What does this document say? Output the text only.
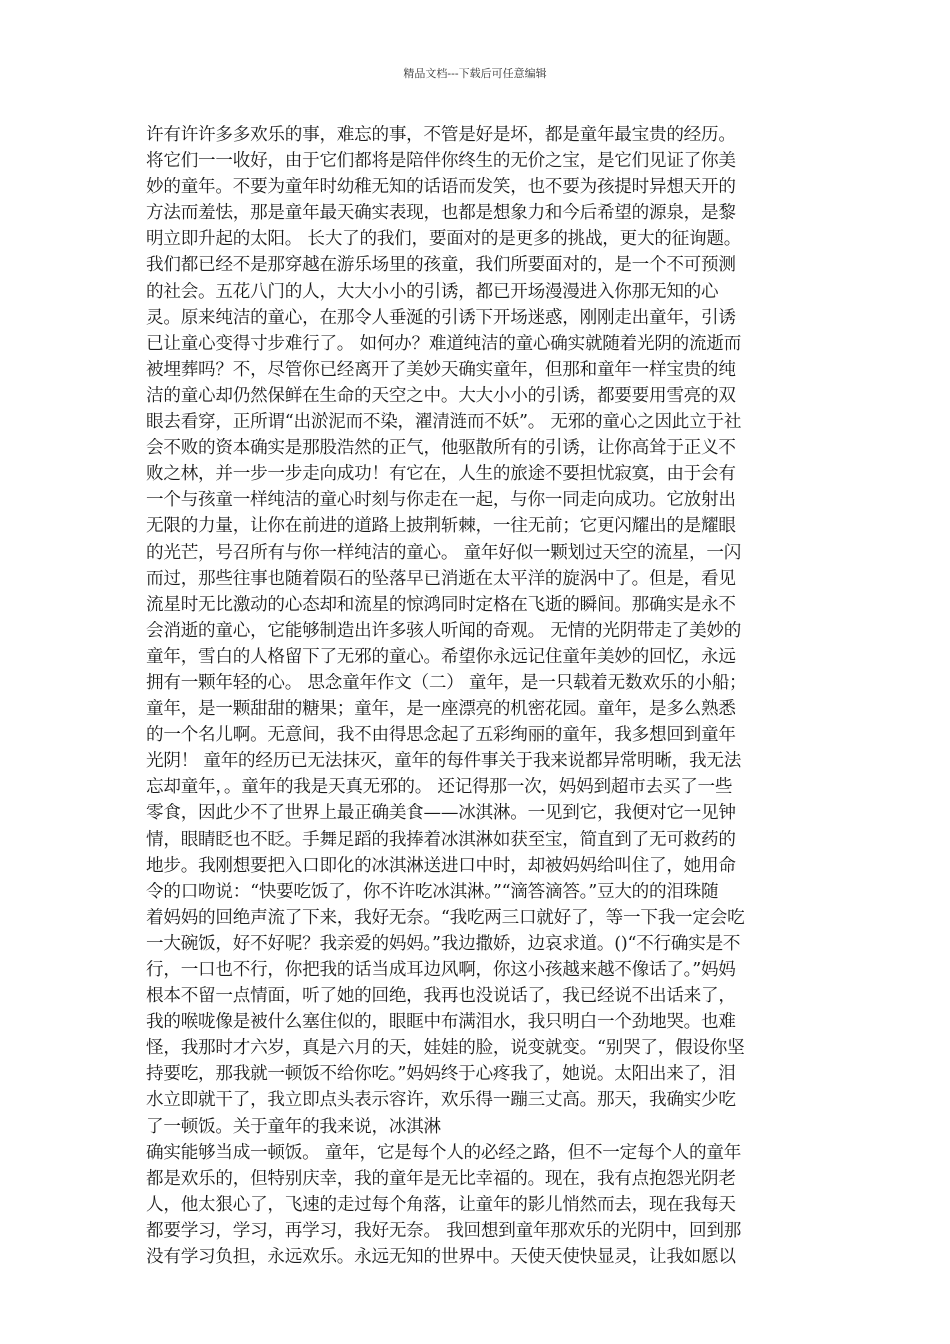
精品文档---下载后可任意编辑
许有许许多多欢乐的事，难忘的事，不管是好是坏，都是童年最宝贵的经历。
将它们一一收好，由于它们都将是陪伴你终生的无价之宝，是它们见证了你美
妙的童年。不要为童年时幼稚无知的话语而发笑，也不要为孩提时异想天开的
方法而羞怯，那是童年最天确实表现，也都是想象力和今后希望的源泉，是黎
明立即升起的太阳。 长大了的我们，要面对的是更多的挑战，更大的征询题。
我们都已经不是那穿越在游乐场里的孩童，我们所要面对的，是一个不可预测
的社会。五花八门的人，大大小小的引诱，都已开场漫漫进入你那无知的心
灵。原来纯洁的童心，在那令人垂涎的引诱下开场迷惑，刚刚走出童年，引诱
已让童心变得寸步难行了。 如何办？难道纯洁的童心确实就随着光阴的流逝而
被埋葬吗？不，尽管你已经离开了美妙天确实童年，但那和童年一样宝贵的纯
洁的童心却仍然保鲜在生命的天空之中。大大小小的引诱，都要要用雪亮的双
眼去看穿，正所谓“出淤泥而不染，濯清涟而不妖”。 无邪的童心之因此立于社
会不败的资本确实是那股浩然的正气，他驱散所有的引诱，让你高耸于正义不
败之林，并一步一步走向成功！有它在，人生的旅途不要担忧寂寞，由于会有
一个与孩童一样纯洁的童心时刻与你走在一起，与你一同走向成功。它放射出
无限的力量，让你在前进的道路上披荆斩棘，一往无前；它更闪耀出的是耀眼
的光芒，号召所有与你一样纯洁的童心。 童年好似一颗划过天空的流星，一闪
而过，那些往事也随着陨石的坠落早已消逝在太平洋的旋涡中了。但是，看见
流星时无比激动的心态却和流星的惊鸿同时定格在飞逝的瞬间。那确实是永不
会消逝的童心，它能够制造出许多骇人听闻的奇观。 无情的光阴带走了美妙的
童年，雪白的人格留下了无邪的童心。希望你永远记住童年美妙的回忆，永远
拥有一颗年轻的心。 思念童年作文（二） 童年，是一只载着无数欢乐的小船；
童年，是一颗甜甜的糖果；童年，是一座漂亮的机密花园。童年，是多么熟悉
的一个名儿啊。无意间，我不由得思念起了五彩绚丽的童年，我多想回到童年
光阴！ 童年的经历已无法抹灭，童年的每件事关于我来说都异常明晰，我无法
忘却童年，。童年的我是天真无邪的。 还记得那一次，妈妈到超市去买了一些
零食，因此少不了世界上最正确美食——冰淇淋。一见到它，我便对它一见钟
情，眼睛眨也不眨。手舞足蹈的我捧着冰淇淋如获至宝，简直到了无可救药的
地步。我刚想要把入口即化的冰淇淋送进口中时，却被妈妈给叫住了，她用命
令的口吻说：“快要吃饭了，你不许吃冰淇淋。”“滴答滴答。”豆大的的泪珠随
着妈妈的回绝声流了下来，我好无奈。“我吃两三口就好了，等一下我一定会吃
一大碗饭，好不好呢？我亲爱的妈妈。”我边撒娇，边哀求道。()“不行确实是不
行，一口也不行，你把我的话当成耳边风啊，你这小孩越来越不像话了。”妈妈
根本不留一点情面，听了她的回绝，我再也没说话了，我已经说不出话来了，
我的喉咙像是被什么塞住似的，眼眶中布满泪水，我只明白一个劲地哭。也难
怪，我那时才六岁，真是六月的天，娃娃的脸，说变就变。“别哭了，假设你坚
持要吃，那我就一顿饭不给你吃。”妈妈终于心疼我了，她说。太阳出来了，泪
水立即就干了，我立即点头表示容许，欢乐得一蹦三丈高。那天，我确实少吃
了一顿饭。关于童年的我来说，冰淇淋
确实能够当成一顿饭。 童年，它是每个人的必经之路，但不一定每个人的童年
都是欢乐的，但特别庆幸，我的童年是无比幸福的。现在，我有点抱怨光阴老
人，他太狠心了，飞速的走过每个角落，让童年的影儿悄然而去，现在我每天
都要学习，学习，再学习，我好无奈。 我回想到童年那欢乐的光阴中，回到那
没有学习负担，永远欢乐。永远无知的世界中。天使天使快显灵，让我如愿以
